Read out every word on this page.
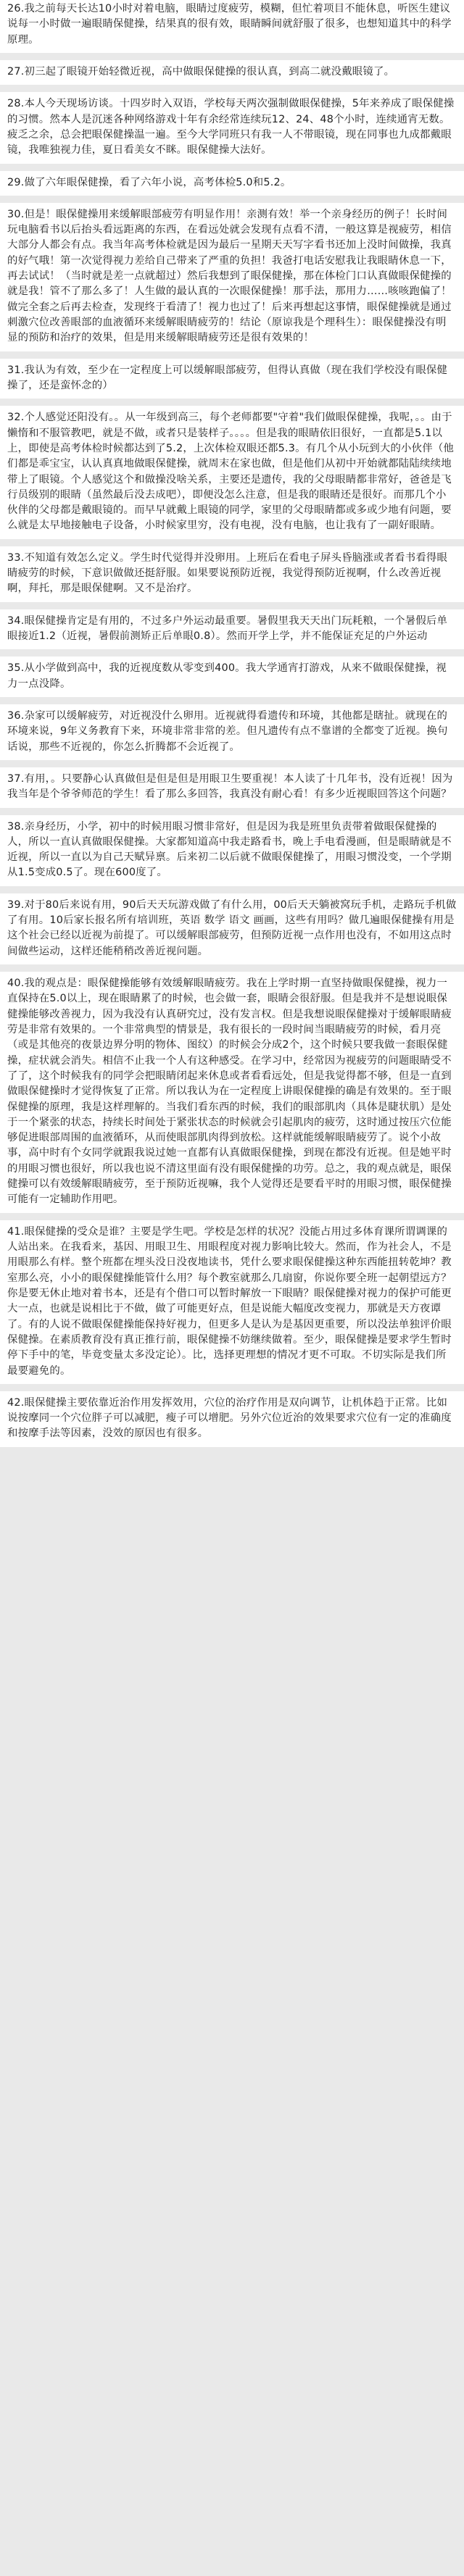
26.我之前每天长达10小时对着电脑，眼睛过度疲劳，模糊，但忙着项目不能休息，听医生建议说每一小时做一遍眼睛保健操，结果真的很有效，眼睛瞬间就舒服了很多，也想知道其中的科学原理。
27.初三起了眼镜开始轻微近视，高中做眼保健操的很认真，到高二就没戴眼镜了。
28.本人今天现场访谈。十四岁时入双语，学校每天两次强制做眼保健操，5年来养成了眼保健操的习惯。然本人是沉迷各种网络游戏十年有余经常连续玩12、24、48个小时，连续通宵无数。疲乏之余，总会把眼保健操温一遍。至今大学同班只有我一人不带眼镜，现在同事也九成都戴眼镜，我唯独视力佳，夏日看美女不眯。眼保健操大法好。
29.做了六年眼保健操，看了六年小说，高考体检5.0和5.2。
30.但是！眼保健操用来缓解眼部疲劳有明显作用！亲测有效！举一个亲身经历的例子！长时间玩电脑看书以后抬头看远距离的东西，在看远处就会发现有点看不清，一般这算是视疲劳，相信大部分人都会有点。我当年高考体检就是因为最后一星期天天写字看书还加上没时间做操，我真的好气哦！第一次觉得视力差给自己带来了严重的负担！我爸打电话安慰我让我眼睛休息一下，再去试试！（当时就是差一点就超过）然后我想到了眼保健操，那在体检门口认真做眼保健操的就是我！管不了那么多了！人生做的最认真的一次眼保健操！那手法，那用力……咳咳跑偏了！做完全套之后再去检查，发现终于看清了！视力也过了！后来再想起这事情，眼保健操就是通过刺激穴位改善眼部的血液循环来缓解眼睛疲劳的！结论（原谅我是个理科生）：眼保健操没有明显的预防和治疗的效果，但是用来缓解眼睛疲劳还是很有效果的！
31.我认为有效，至少在一定程度上可以缓解眼部疲劳，但得认真做（现在我们学校没有眼保健操了，还是蛮怀念的）
32.个人感觉还阳没有。。从一年级到高三，每个老师都要"守着"我们做眼保健操，我呢，。。由于懒惰和不服管教吧，就是不做，或者只是装样子。。。。但是我的眼睛依旧很好，一直都是5.1以上，即使是高考体检时候都达到了5.2，上次体检双眼还都5.3。有几个从小玩到大的小伙伴（他们都是乖宝宝，认认真真地做眼保健操，就周末在家也做，但是他们从初中开始就都陆陆续续地带上了眼镜。个人感觉这个和做操没啥关系，主要还是遗传，我的父母眼睛都非常好，爸爸是飞行员级别的眼睛（虽然最后没去成吧），即便没怎么注意，但是我的眼睛还是很好。而那几个小伙伴的父母都是戴眼镜的。而早早就戴上眼镜的同学，家里的父母眼睛都或多或少地有问题，要么就是太早地接触电子设备，小时候家里穷，没有电视，没有电脑，也让我有了一副好眼睛。
33.不知道有效怎么定义。学生时代觉得并没卵用。上班后在看电子屏头昏脑涨或者看书看得眼睛疲劳的时候，下意识做做还挺舒服。如果要说预防近视，我觉得预防近视啊，什么改善近视啊，拜托，那是眼保健啊。又不是治疗。
34.眼保健操肯定是有用的，不过多户外运动最重要。暑假里我天天出门玩耗粮，一个暑假后单眼接近1.2（近视，暑假前测矫正后单眼0.8）。然而开学上学，并不能保证充足的户外运动
35.从小学做到高中，我的近视度数从零变到400。我大学通宵打游戏，从来不做眼保健操，视力一点没降。
36.杂家可以缓解疲劳，对近视没什么卵用。近视就得看遗传和环境，其他都是瞎扯。就现在的环境来说，9年义务教育下来，环境非常非常的差。但凡遗传有点不靠谱的全都变了近视。换句话说，那些不近视的，你怎么折腾都不会近视了。
37.有用，。只要静心认真做但是但是但是用眼卫生要重视！本人读了十几年书，没有近视！因为我当年是个爷爷师范的学生！看了那么多回答，我真没有耐心看！有多少近视眼回答这个问题？
38.亲身经历，小学，初中的时候用眼习惯非常好，但是因为我是班里负责带着做眼保健操的人，所以一直认真做眼保健操。大家都知道高中我走路看书，晚上手电看漫画，但是眼睛就是不近视，所以一直以为自己天赋异禀。后来初二以后就不做眼保健操了，用眼习惯没变，一个学期从1.5变成0.5了。现在600度了。
39.对于80后来说有用，90后天天玩游戏做了有什么用，00后天天躺被窝玩手机，走路玩手机做了有用。10后家长报名所有培训班，英语 数学 语文 画画，这些有用吗？做几遍眼保健操有用是这个社会已经以近视为前提了。可以缓解眼部疲劳，但预防近视一点作用也没有，不如用这点时间做些运动，这样还能稍稍改善近视问题。
40.我的观点是：眼保健操能够有效缓解眼睛疲劳。我在上学时期一直坚持做眼保健操，视力一直保持在5.0以上，现在眼睛累了的时候，也会做一套，眼睛会很舒服。但是我并不是想说眼保健操能够改善视力，因为我没有认真研究过，没有发言权。但是我想说眼保健操对于缓解眼睛疲劳是非常有效果的。一个非常典型的情景是，我有很长的一段时间当眼睛疲劳的时候，看月亮（或是其他亮的夜景边界分明的物体、图纹）的时候会分成2个，这个时候只要我做一套眼保健操，症状就会消失。相信不止我一个人有这种感受。在学习中，经常因为视疲劳的问题眼睛受不了了，这个时候我有的同学会把眼睛闭起来休息或者看看远处，但是我觉得都不够，但是一直到做眼保健操时才觉得恢复了正常。所以我认为在一定程度上讲眼保健操的确是有效果的。至于眼保健操的原理，我是这样理解的。当我们看东西的时候，我们的眼部肌肉（具体是睫状肌）是处于一个紧张的状态，持续长时间处于紧张状态的时候就会引起肌肉的疲劳，这时通过按压穴位能够促进眼部周围的血液循环，从而使眼部肌肉得到放松。这样就能缓解眼睛疲劳了。说个小故事，高中时有个女同学就跟我说过她一直都有认真做眼保健操，到现在都没有近视。但是她平时的用眼习惯也很好，所以我也说不清这里面有没有眼保健操的功劳。总之，我的观点就是，眼保健操可以有效缓解眼睛疲劳，至于预防近视嘛，我个人觉得还是要看平时的用眼习惯，眼保健操可能有一定辅助作用吧。
41.眼保健操的受众是谁？主要是学生吧。学校是怎样的状况？没能占用过多体育课所谓调课的人站出来。在我看来，基因、用眼卫生、用眼程度对视力影响比较大。然而，作为社会人，不是用眼那么有样。整个班都在埋头没日没夜地读书，凭什么要求眼保健操这种东西能扭转乾坤？教室那么亮，小小的眼保健操能管什么用？每个教室就那么几扇窗，你说你要全班一起朝望远方？你是要无休止地对着书本，还是有个借口可以暂时解放一下眼睛？眼保健操对视力的保护可能更大一点，也就是说相比于不做，做了可能更好点，但是说能大幅度改变视力，那就是天方夜谭了。有的人说不做眼保健操能保持好视力，但更多人是认为是基因更重要，所以没法单独评价眼保健操。在素质教育没有真正推行前，眼保健操不妨继续做着。至少，眼保健操是要求学生暂时停下手中的笔，毕竟变量太多没定论）。比，选择更理想的情况才更不可取。不切实际是我们所最要避免的。
42.眼保健操主要依靠近治作用发挥效用，穴位的治疗作用是双向调节，让机体趋于正常。比如说按摩同一个穴位胖子可以减肥，瘦子可以增肥。另外穴位近治的效果要求穴位有一定的准确度和按摩手法等因素，没效的原因也有很多。
